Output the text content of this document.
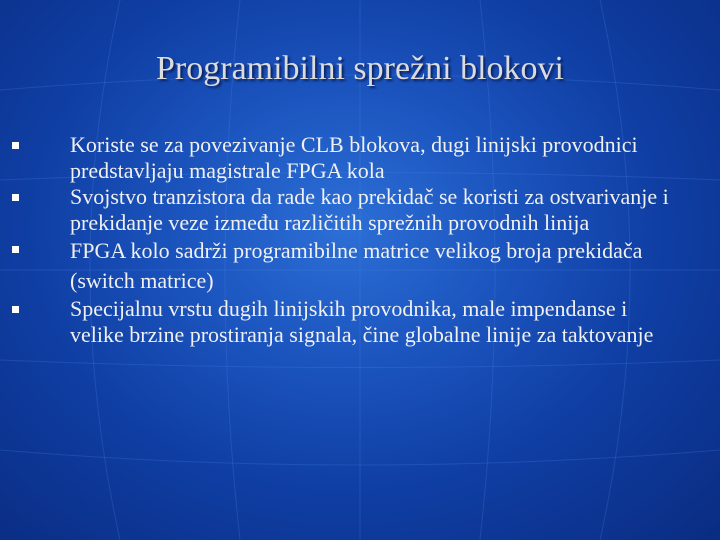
Programibilni sprežni blokovi
Koriste se za povezivanje CLB blokova, dugi linijski provodnici predstavljaju magistrale FPGA kola
Svojstvo tranzistora da rade kao prekidač se koristi za ostvarivanje i prekidanje veze između različitih sprežnih provodnih linija
FPGA kolo sadrži programibilne matrice velikog broja prekidača (switch matrice)
Specijalnu vrstu dugih linijskih provodnika, male impendanse i velike brzine prostiranja signala, čine globalne linije za taktovanje
